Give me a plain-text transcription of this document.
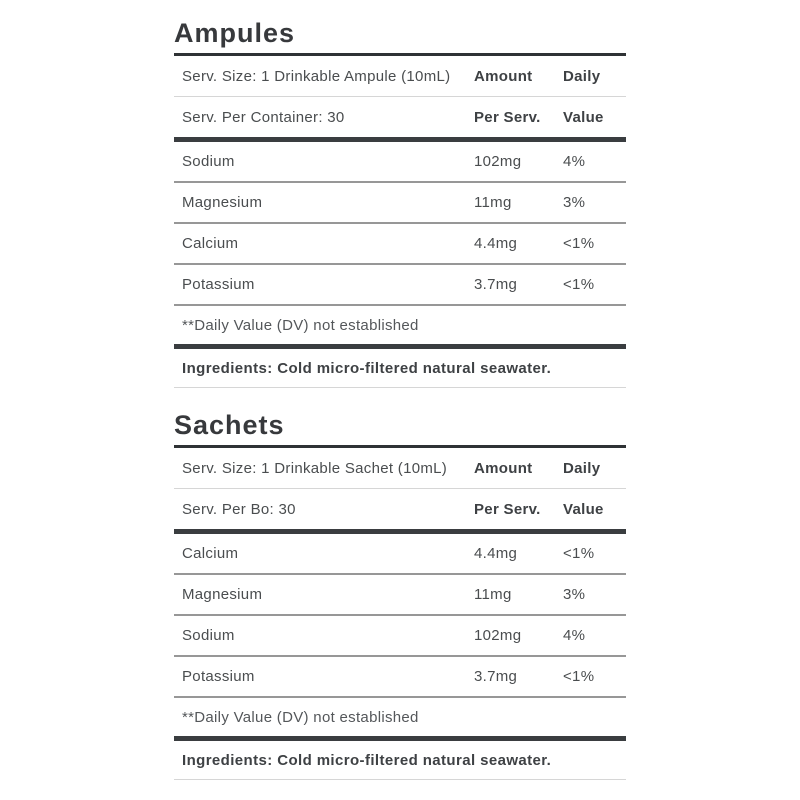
Ampules
Serv. Size: 1 Drinkable Ampule (10mL)	Amount	Daily
Serv. Per Container: 30	Per Serv.	Value
Sodium	102mg	4%
Magnesium	11mg	3%
Calcium	4.4mg	<1%
Potassium	3.7mg	<1%
**Daily Value (DV) not established
Ingredients: Cold micro-filtered natural seawater.
Sachets
Serv. Size: 1 Drinkable Sachet (10mL)	Amount	Daily
Serv. Per Bo: 30	Per Serv.	Value
Calcium	4.4mg	<1%
Magnesium	11mg	3%
Sodium	102mg	4%
Potassium	3.7mg	<1%
**Daily Value (DV) not established
Ingredients: Cold micro-filtered natural seawater.
